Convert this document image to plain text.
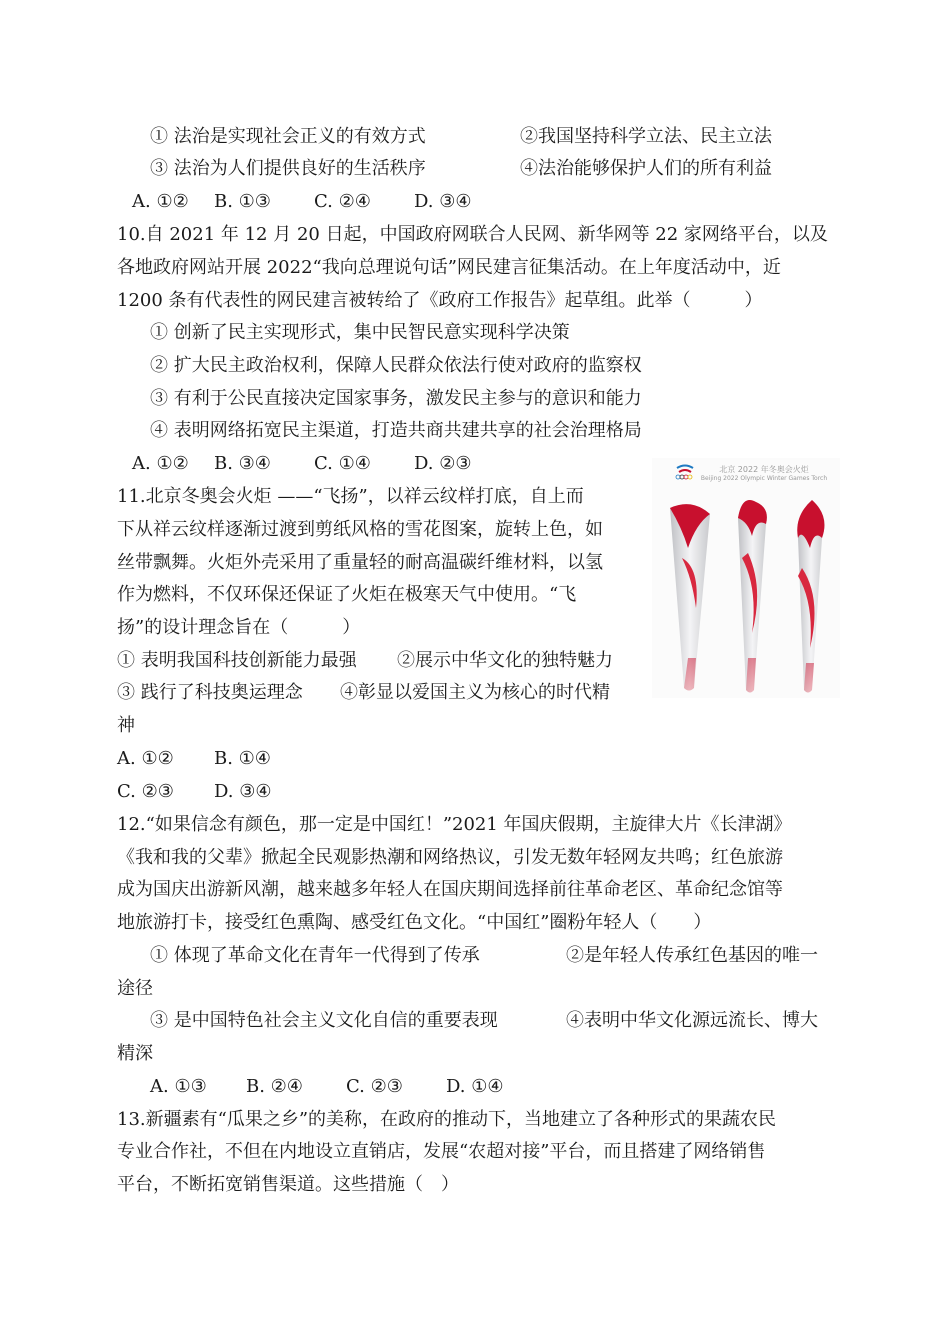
① 法治是实现社会正义的有效方式	②我国坚持科学立法、民主立法
③ 法治为人们提供良好的生活秩序	④法治能够保护人们的所有利益
A. ①② B. ①③ C. ②④ D. ③④
10.自 2021 年 12 月 20 日起，中国政府网联合人民网、新华网等 22 家网络平台，以及
各地政府网站开展 2022“我向总理说句话”网民建言征集活动。在上年度活动中，近
1200 条有代表性的网民建言被转给了《政府工作报告》起草组。此举（　　　）
① 创新了民主实现形式，集中民智民意实现科学决策
② 扩大民主政治权利，保障人民群众依法行使对政府的监察权
③ 有利于公民直接决定国家事务，激发民主参与的意识和能力
④ 表明网络拓宽民主渠道，打造共商共建共享的社会治理格局
A. ①② B. ③④ C. ①④ D. ②③
11.北京冬奥会火炬 ——“飞扬”，以祥云纹样打底，自上而
下从祥云纹样逐渐过渡到剪纸风格的雪花图案，旋转上色，如
丝带飘舞。火炬外壳采用了重量轻的耐高温碳纤维材料，以氢
作为燃料，不仅环保还保证了火炬在极寒天气中使用。“飞
扬”的设计理念旨在（　　　）
① 表明我国科技创新能力最强 ②展示中华文化的独特魅力
③ 践行了科技奥运理念 ④彰显以爱国主义为核心的时代精
神
A. ①② B. ①④
C. ②③ D. ③④
北京 2022 年冬奥会火炬
Beijing 2022 Olympic Winter Games Torch
12.“如果信念有颜色，那一定是中国红！”2021 年国庆假期，主旋律大片《长津湖》
《我和我的父辈》掀起全民观影热潮和网络热议，引发无数年轻网友共鸣；红色旅游
成为国庆出游新风潮，越来越多年轻人在国庆期间选择前往革命老区、革命纪念馆等
地旅游打卡，接受红色熏陶、感受红色文化。“中国红”圈粉年轻人（　　）
① 体现了革命文化在青年一代得到了传承	②是年轻人传承红色基因的唯一
途径
③ 是中国特色社会主义文化自信的重要表现	④表明中华文化源远流长、博大
精深
A. ①③ B. ②④ C. ②③ D. ①④
13.新疆素有“瓜果之乡”的美称，在政府的推动下，当地建立了各种形式的果蔬农民
专业合作社，不但在内地设立直销店，发展“农超对接”平台，而且搭建了网络销售
平台，不断拓宽销售渠道。这些措施（　）
